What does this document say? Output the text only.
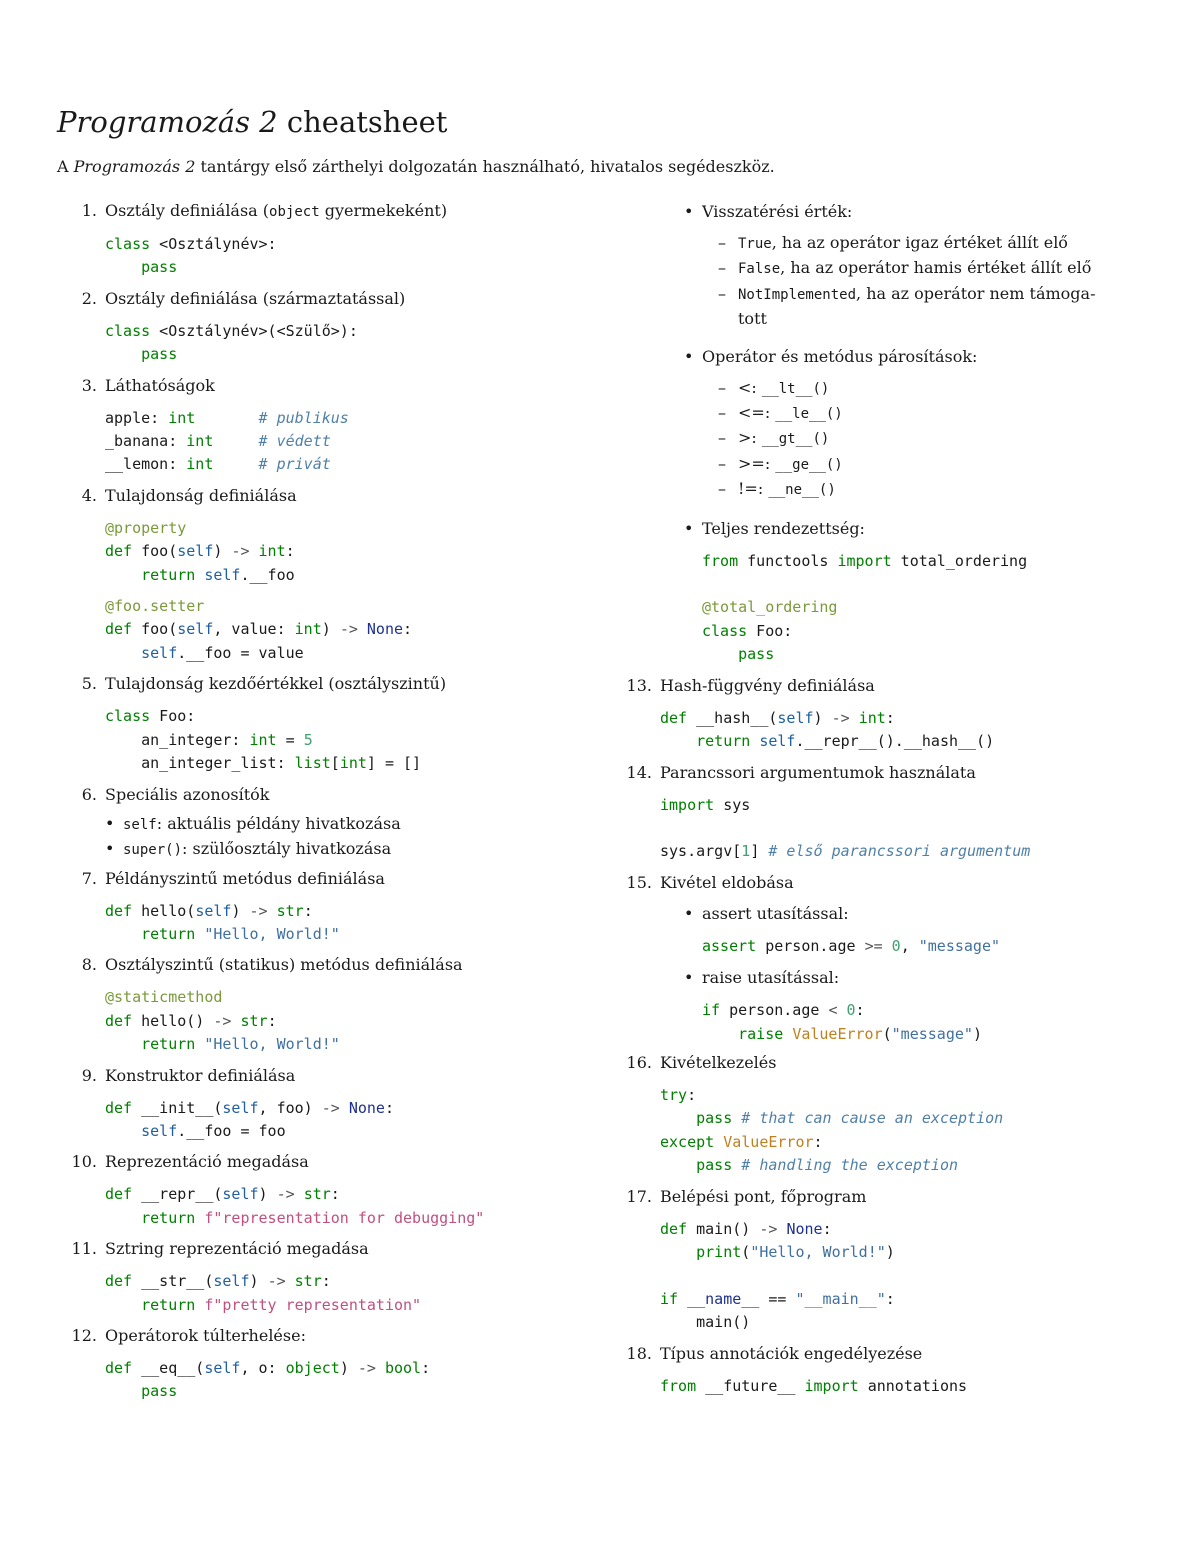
Programozás 2 cheatsheet

A Programozás 2 tantárgy első zárthelyi dolgozatán használható, hivatalos segédeszköz.

1. Osztály definiálása (object gyermekeként)

class <Osztálynév>:
pass

2. Osztály definiálása (származtatással)

class <Osztálynév>(<Szülő>):
pass

3. Láthatóságok

apple: int	# publikus
_banana: int	# védett
__lemon: int	# privát

4. Tulajdonság definiálása

@property
def foo(self) -> int:
return self.__foo
@foo.setter
def foo(self, value: int) -> None:
self.__foo = value

5. Tulajdonság kezdőértékkel (osztályszintű)

class Foo:
an_integer: int = 5
an_integer_list: list[int] = []

6. Speciális azonosítók

• self: aktuális példány hivatkozása
• super(): szülőosztály hivatkozása

7. Példányszintű metódus definiálása

def hello(self) -> str:
return "Hello, World!"

8. Osztályszintű (statikus) metódus definiálása

@staticmethod
def hello() -> str:
return "Hello, World!"

9. Konstruktor definiálása

def __init__(self, foo) -> None:
self.__foo = foo

10. Reprezentáció megadása

def __repr__(self) -> str:
return f"representation for debugging"

11. Sztring reprezentáció megadása

def __str__(self) -> str:
return f"pretty representation"

12. Operátorok túlterhelése:

def __eq__(self, o: object) -> bool:
pass
• Visszatérési érték:
– True, ha az operátor igaz értéket állít elő
– False, ha az operátor hamis értéket állít elő
– NotImplemented, ha az operátor nem támoga-
tott
• Operátor és metódus párosítások:
– <: __lt__()
– <=: __le__()
– >: __gt__()
– >=: __ge__()
– !=: __ne__()
• Teljes rendezettség:
from functools import total_ordering

@total_ordering
class Foo:
pass

13. Hash-függvény definiálása

def __hash__(self) -> int:
return self.__repr__().__hash__()

14. Parancssori argumentumok használata

import sys

sys.argv[1] # első parancssori argumentum

15. Kivétel eldobása

• assert utasítással:
assert person.age >= 0, "message"
• raise utasítással:
if person.age < 0:
raise ValueError("message")

16. Kivételkezelés

try:
pass # that can cause an exception
except ValueError:
pass # handling the exception

17. Belépési pont, főprogram

def main() -> None:
print("Hello, World!")

if __name__ == "__main__":
main()

18. Típus annotációk engedélyezése

from __future__ import annotations
